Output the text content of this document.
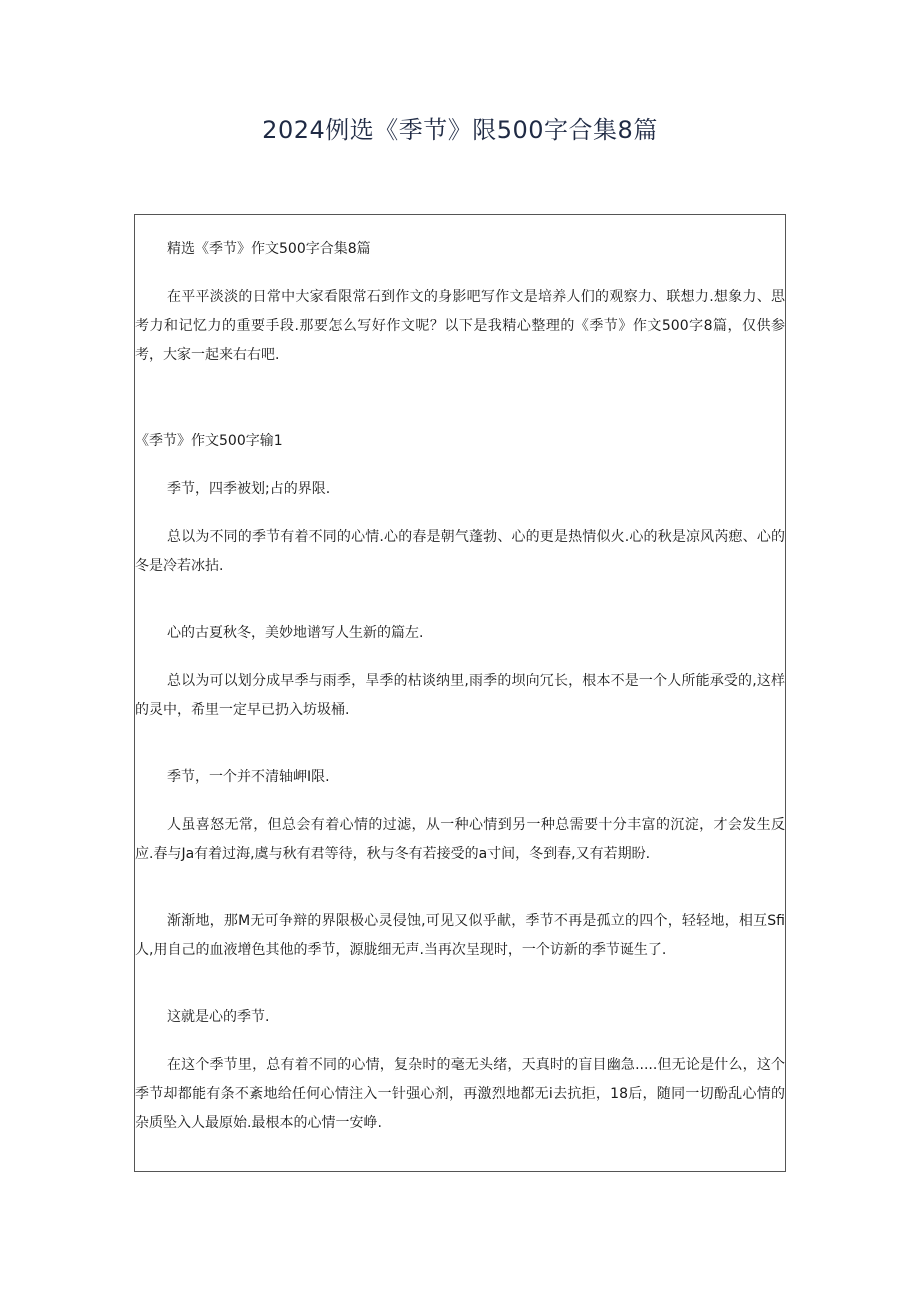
2024例选《季节》限500字合集8篇

精选《季节》作文500字合集8篇

在平平淡淡的日常中大家看限常石到作文的身影吧写作文是培养人们的观察力、联想力.想象力、思考力和记忆力的重要手段.那要怎么写好作文呢？以下是我精心整理的《季节》作文500字8篇，仅供参考，大家一起来右右吧.

《季节》作文500字输1

季节，四季被划;占的界限.

总以为不同的季节有着不同的心情.心的春是朝气蓬勃、心的更是热情似火.心的秋是凉风芮瘛、心的冬是冷若冰拈.

心的古夏秋冬，美妙地谱写人生新的篇左.

总以为可以划分成早季与雨季，旱季的枯谈纳里,雨季的坝向冗长，根本不是一个人所能承受的,这样的灵中，希里一定早已扔入坊圾桶.

季节，一个并不清轴岬I限.

人虽喜怒无常，但总会有着心情的过滤，从一种心情到另一种总需要十分丰富的沉淀，才会发生反应.春与Ja有着过海,虞与秋有君等待，秋与冬有若接受的a寸间，冬到春,又有若期盼.

渐渐地，那M无可争辩的界限极心灵侵蚀,可见又似乎献，季节不再是孤立的四个，轻轻地，相互Sfi人,用自己的血液增色其他的季节，源胧细无声.当再次呈现时，一个访新的季节诞生了.

这就是心的季节.

在这个季节里，总有着不同的心情，复杂时的毫无头绪，天真时的盲目幽急.....但无论是什么，这个季节却都能有条不紊地给任何心情注入一针强心剂，再激烈地都无i去抗拒，18后，随同一切酚乱心情的杂质坠入人最原始.最根本的心情一安峥.
